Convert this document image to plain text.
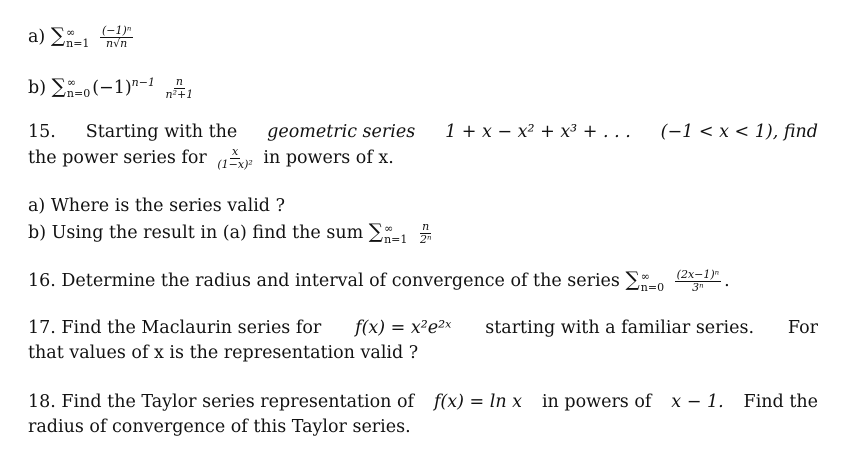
a) ∑ ∞
n=1
$\frac{\text{(−1)ⁿ}}{n√n}$
b) ∑ ∞
n=0 $(-1)^{n-1} \frac{n}{\text{n²+1}}$
15. Starting with the geometric series 1 + x − x² + x³ + . . . (−1 < x < 1), find
the power series for $\frac{x}{\text{(1−x)²}}$ in powers of x.
a) Where is the series valid ?
b) Using the result in (a) find the sum ∑ ∞
n=1
$\frac{n}{\text{2ⁿ}}$
16. Determine the radius and interval of convergence of the series ∑ ∞
n=0
$\frac{\text{(2x−1)ⁿ}}{\text{3ⁿ}}$ .
17. Find the Maclaurin series for f(x) = x²e²ˣ starting with a familiar series. For
that values of x is the representation valid ?
18. Find the Taylor series representation of f(x) = ln x in powers of x − 1. Find the
radius of convergence of this Taylor series.
